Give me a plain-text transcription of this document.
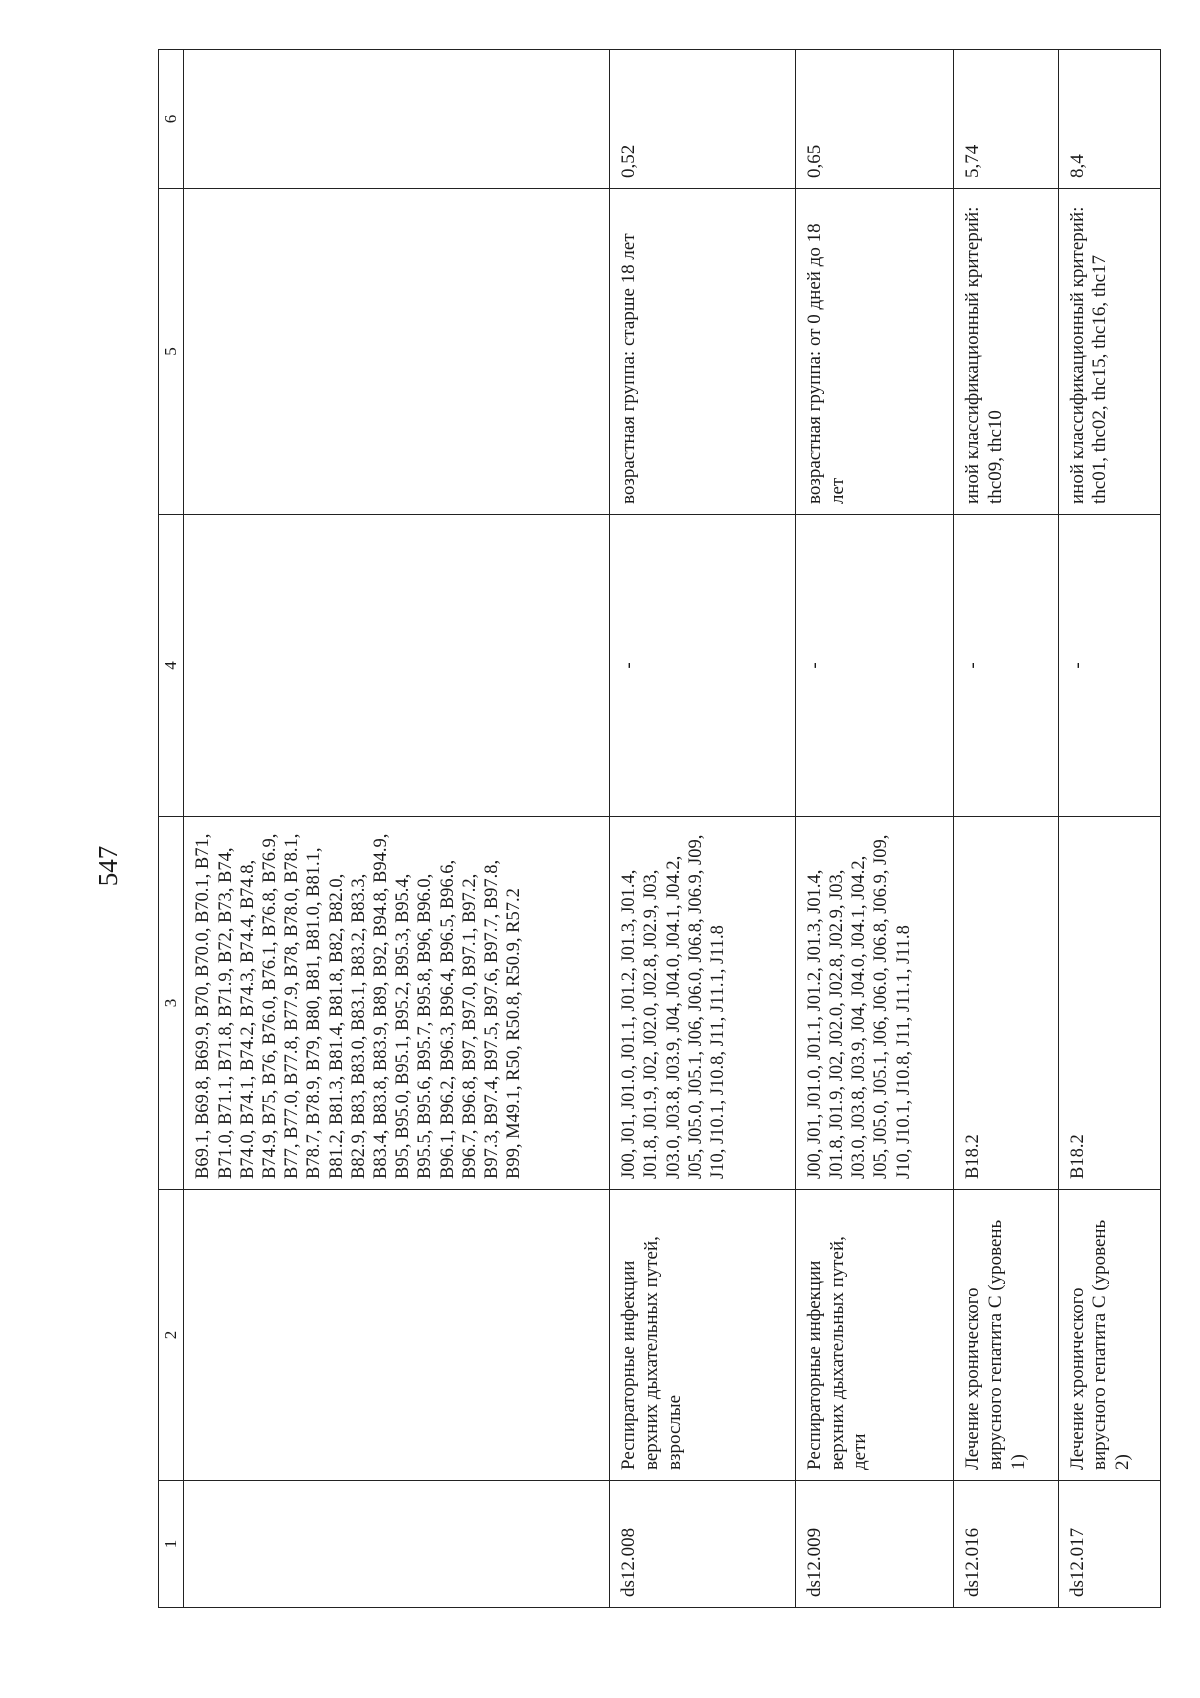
547
1	2	3	4	5	6
		B69.1, B69.8, B69.9, B70, B70.0, B70.1, B71, B71.0, B71.1, B71.8, B71.9, B72, B73, B74, B74.0, B74.1, B74.2, B74.3, B74.4, B74.8, B74.9, B75, B76, B76.0, B76.1, B76.8, B76.9, B77, B77.0, B77.8, B77.9, B78, B78.0, B78.1, B78.7, B78.9, B79, B80, B81, B81.0, B81.1, B81.2, B81.3, B81.4, B81.8, B82, B82.0, B82.9, B83, B83.0, B83.1, B83.2, B83.3, B83.4, B83.8, B83.9, B89, B92, B94.8, B94.9, B95, B95.0, B95.1, B95.2, B95.3, B95.4, B95.5, B95.6, B95.7, B95.8, B96, B96.0, B96.1, B96.2, B96.3, B96.4, B96.5, B96.6, B96.7, B96.8, B97, B97.0, B97.1, B97.2, B97.3, B97.4, B97.5, B97.6, B97.7, B97.8, B99, M49.1, R50, R50.8, R50.9, R57.2			
ds12.008	Респираторные инфекции верхних дыхательных путей, взрослые	J00, J01, J01.0, J01.1, J01.2, J01.3, J01.4, J01.8, J01.9, J02, J02.0, J02.8, J02.9, J03, J03.0, J03.8, J03.9, J04, J04.0, J04.1, J04.2, J05, J05.0, J05.1, J06, J06.0, J06.8, J06.9, J09, J10, J10.1, J10.8, J11, J11.1, J11.8	-	возрастная группа: старше 18 лет	0,52
ds12.009	Респираторные инфекции верхних дыхательных путей, дети	J00, J01, J01.0, J01.1, J01.2, J01.3, J01.4, J01.8, J01.9, J02, J02.0, J02.8, J02.9, J03, J03.0, J03.8, J03.9, J04, J04.0, J04.1, J04.2, J05, J05.0, J05.1, J06, J06.0, J06.8, J06.9, J09, J10, J10.1, J10.8, J11, J11.1, J11.8	-	возрастная группа: от 0 дней до 18 лет	0,65
ds12.016	Лечение хронического вирусного гепатита С (уровень 1)	B18.2	-	иной классификационный критерий: thc09, thc10	5,74
ds12.017	Лечение хронического вирусного гепатита С (уровень 2)	B18.2	-	иной классификационный критерий: thc01, thc02, thc15, thc16, thc17	8,4
